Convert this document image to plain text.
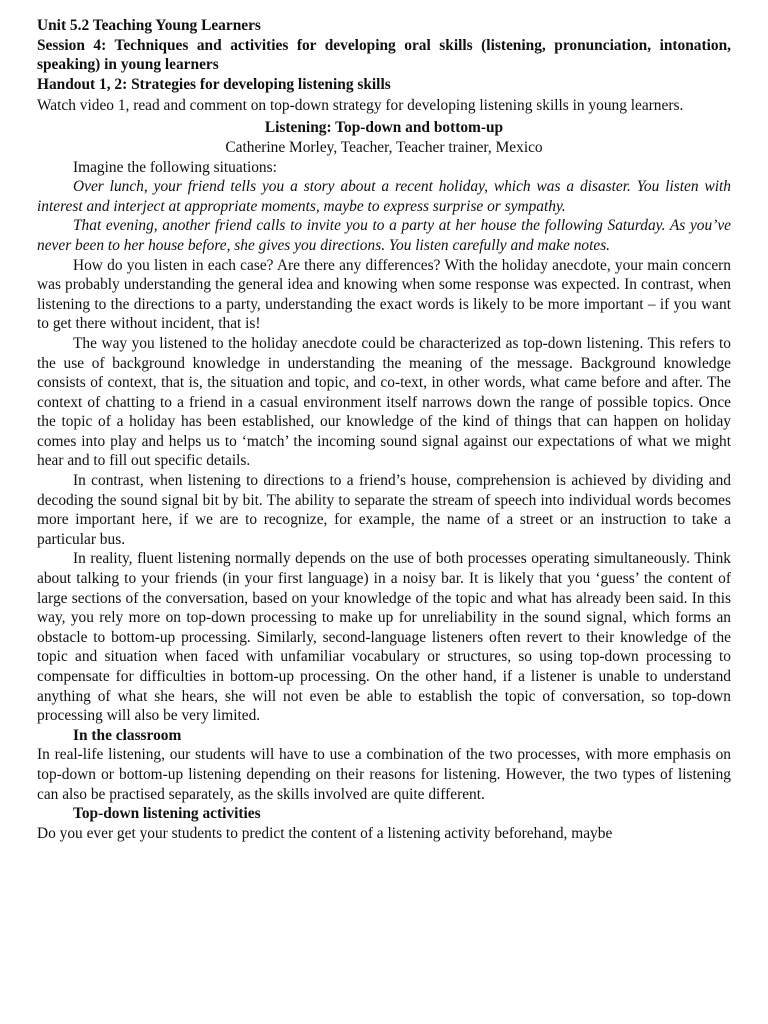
Unit 5.2 Teaching Young Learners

Session 4: Techniques and activities for developing oral skills (listening, pronunciation, intonation, speaking) in young learners

Handout 1, 2: Strategies for developing listening skills

Watch video 1, read and comment on top-down strategy for developing listening skills in young learners.

Listening: Top-down and bottom-up

Catherine Morley, Teacher, Teacher trainer, Mexico

Imagine the following situations:

Over lunch, your friend tells you a story about a recent holiday, which was a disaster. You listen with interest and interject at appropriate moments, maybe to express surprise or sympathy.

That evening, another friend calls to invite you to a party at her house the following Saturday. As you’ve never been to her house before, she gives you directions. You listen carefully and make notes.

How do you listen in each case? Are there any differences? With the holiday anecdote, your main concern was probably understanding the general idea and knowing when some response was expected. In contrast, when listening to the directions to a party, understanding the exact words is likely to be more important – if you want to get there without incident, that is!

The way you listened to the holiday anecdote could be characterized as top-down listening. This refers to the use of background knowledge in understanding the meaning of the message. Background knowledge consists of context, that is, the situation and topic, and co-text, in other words, what came before and after. The context of chatting to a friend in a casual environment itself narrows down the range of possible topics. Once the topic of a holiday has been established, our knowledge of the kind of things that can happen on holiday comes into play and helps us to ‘match’ the incoming sound signal against our expectations of what we might hear and to fill out specific details.

In contrast, when listening to directions to a friend’s house, comprehension is achieved by dividing and decoding the sound signal bit by bit. The ability to separate the stream of speech into individual words becomes more important here, if we are to recognize, for example, the name of a street or an instruction to take a particular bus.

In reality, fluent listening normally depends on the use of both processes operating simultaneously. Think about talking to your friends (in your first language) in a noisy bar. It is likely that you ‘guess’ the content of large sections of the conversation, based on your knowledge of the topic and what has already been said. In this way, you rely more on top-down processing to make up for unreliability in the sound signal, which forms an obstacle to bottom-up processing. Similarly, second-language listeners often revert to their knowledge of the topic and situation when faced with unfamiliar vocabulary or structures, so using top-down processing to compensate for difficulties in bottom-up processing. On the other hand, if a listener is unable to understand anything of what she hears, she will not even be able to establish the topic of conversation, so top-down processing will also be very limited.

In the classroom

In real-life listening, our students will have to use a combination of the two processes, with more emphasis on top-down or bottom-up listening depending on their reasons for listening. However, the two types of listening can also be practised separately, as the skills involved are quite different.

Top-down listening activities

Do you ever get your students to predict the content of a listening activity beforehand, maybe
